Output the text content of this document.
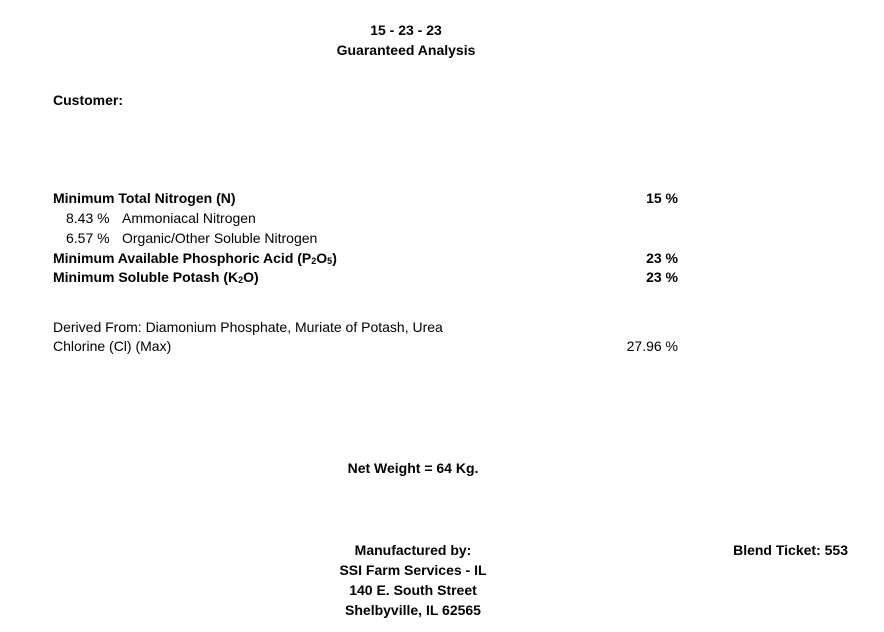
15 - 23 - 23
Guaranteed Analysis
Customer:
Minimum Total Nitrogen (N)	15 %
8.43 % Ammoniacal Nitrogen
6.57 % Organic/Other Soluble Nitrogen
Minimum Available Phosphoric Acid $(P_2O_5)$	23 %
Minimum Soluble Potash $(K_2O)$	23 %
Derived From: Diamonium Phosphate, Muriate of Potash, Urea
Chlorine (Cl) (Max)	27.96 %
Net Weight = 64 Kg.
Manufactured by:
SSI Farm Services - IL
140 E. South Street
Shelbyville, IL 62565
Blend Ticket: 553
